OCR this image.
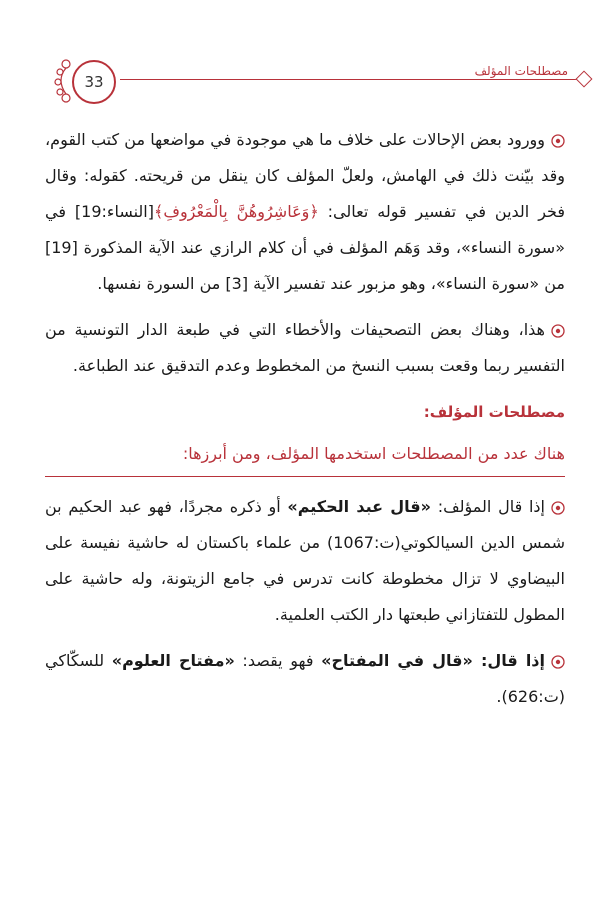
مصطلحات المؤلف
33

وورود بعض الإحالات على خلاف ما هي موجودة في مواضعها من كتب القوم، وقد بيّنت ذلك في الهامش، ولعلّ المؤلف كان ينقل من قريحته. كقوله: وقال فخر الدين في تفسير قوله تعالى: ﴿وَعَاشِرُوهُنَّ بِالْمَعْرُوفِ﴾[النساء:19] في «سورة النساء»، وقد وَهَم المؤلف في أن كلام الرازي عند الآية المذكورة [19] من «سورة النساء»، وهو مزبور عند تفسير الآية [3] من السورة نفسها.

هذا، وهناك بعض التصحيفات والأخطاء التي في طبعة الدار التونسية من التفسير ربما وقعت بسبب النسخ من المخطوط وعدم التدقيق عند الطباعة.

مصطلحات المؤلف:
هناك عدد من المصطلحات استخدمها المؤلف، ومن أبرزها:

إذا قال المؤلف: «قال عبد الحكيم» أو ذكره مجردًا، فهو عبد الحكيم بن شمس الدين السيالكوتي(ت:1067) من علماء باكستان له حاشية نفيسة على البيضاوي لا تزال مخطوطة كانت تدرس في جامع الزيتونة، وله حاشية على المطول للتفتازاني طبعتها دار الكتب العلمية.

إذا قال: «قال في المفتاح» فهو يقصد: «مفتاح العلوم» للسكّاكي (ت:626).
